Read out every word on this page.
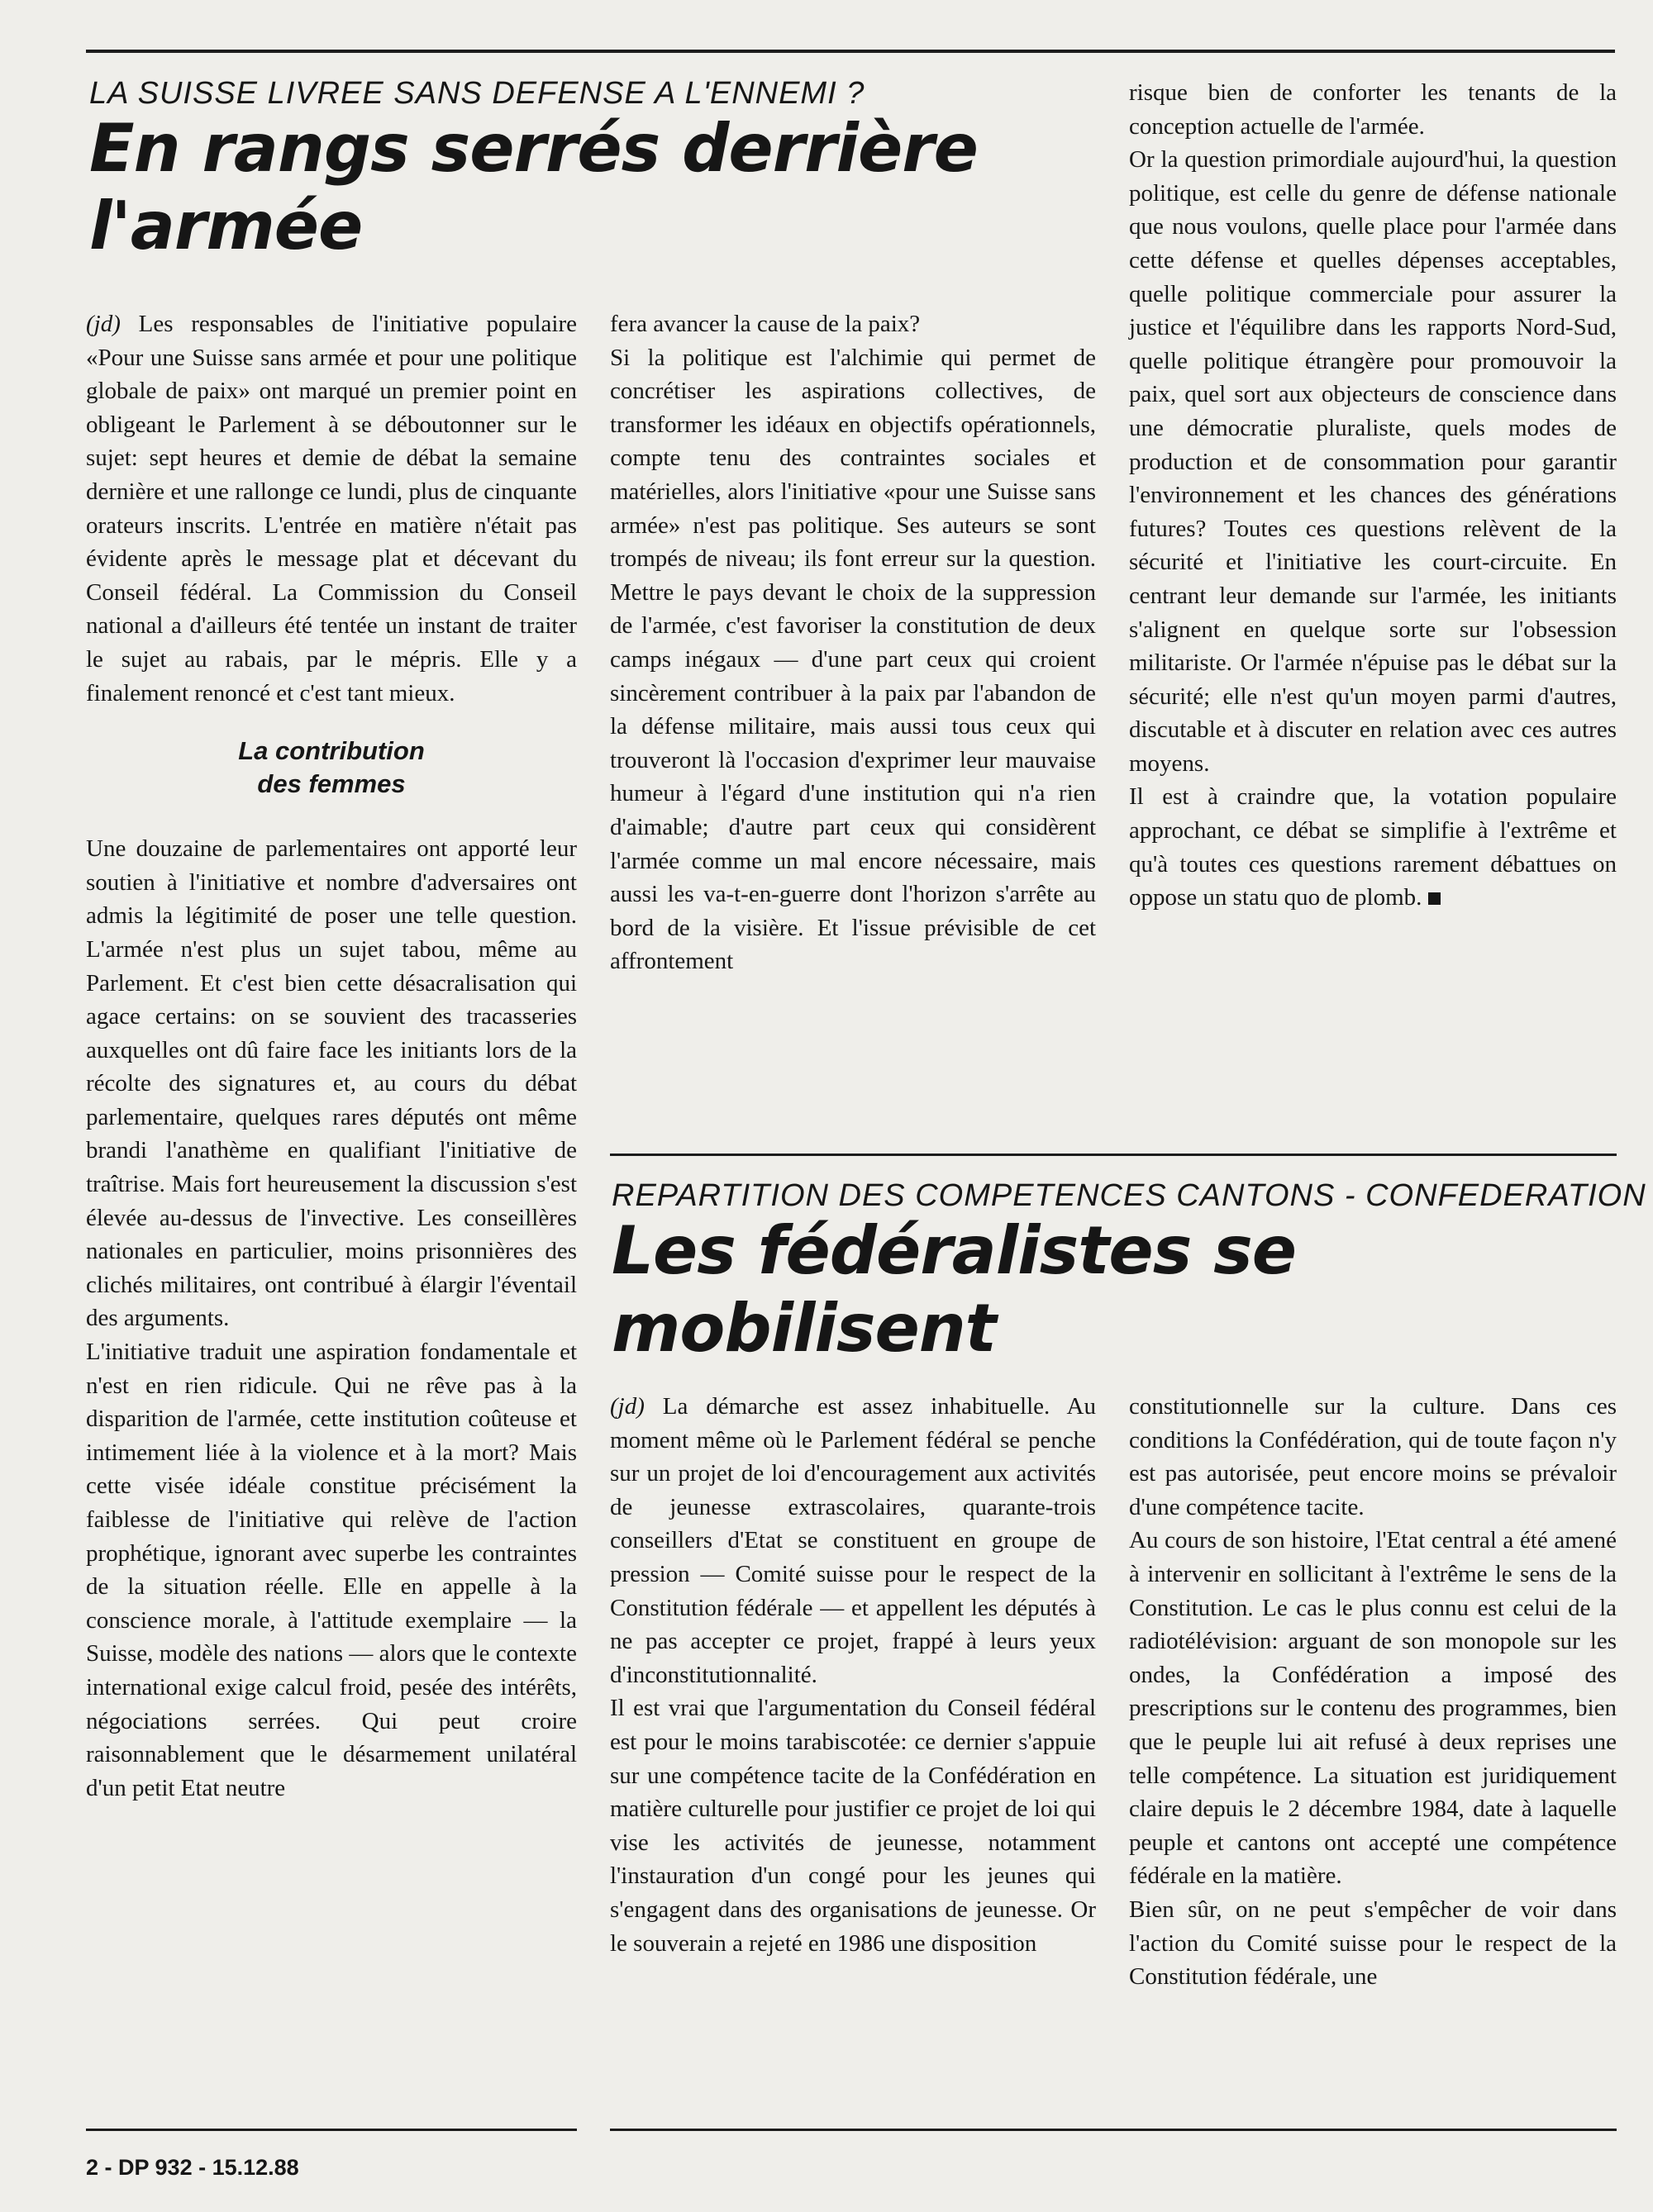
LA SUISSE LIVREE SANS DEFENSE A L'ENNEMI ?
En rangs serrés derrière l'armée

(jd) Les responsables de l'initiative populaire «Pour une Suisse sans armée et pour une politique globale de paix» ont marqué un premier point en obligeant le Parlement à se déboutonner sur le sujet: sept heures et demie de débat la semaine dernière et une rallonge ce lundi, plus de cinquante orateurs inscrits. L'entrée en matière n'était pas évidente après le message plat et décevant du Conseil fédéral. La Commission du Conseil national a d'ailleurs été tentée un instant de traiter le sujet au rabais, par le mépris. Elle y a finalement renoncé et c'est tant mieux.

La contribution
des femmes

Une douzaine de parlementaires ont apporté leur soutien à l'initiative et nombre d'adversaires ont admis la légitimité de poser une telle question. L'armée n'est plus un sujet tabou, même au Parlement. Et c'est bien cette désacralisation qui agace certains: on se souvient des tracasseries auxquelles ont dû faire face les initiants lors de la récolte des signatures et, au cours du débat parlementaire, quelques rares députés ont même brandi l'anathème en qualifiant l'initiative de traîtrise. Mais fort heureusement la discussion s'est élevée au-dessus de l'invective. Les conseillères nationales en particulier, moins prisonnières des clichés militaires, ont contribué à élargir l'éventail des arguments.

L'initiative traduit une aspiration fondamentale et n'est en rien ridicule. Qui ne rêve pas à la disparition de l'armée, cette institution coûteuse et intimement liée à la violence et à la mort? Mais cette visée idéale constitue précisément la faiblesse de l'initiative qui relève de l'action prophétique, ignorant avec superbe les contraintes de la situation réelle. Elle en appelle à la conscience morale, à l'attitude exemplaire — la Suisse, modèle des nations — alors que le contexte international exige calcul froid, pesée des intérêts, négociations serrées. Qui peut croire raisonnablement que le désarmement unilatéral d'un petit Etat neutre

fera avancer la cause de la paix?

Si la politique est l'alchimie qui permet de concrétiser les aspirations collectives, de transformer les idéaux en objectifs opérationnels, compte tenu des contraintes sociales et matérielles, alors l'initiative «pour une Suisse sans armée» n'est pas politique. Ses auteurs se sont trompés de niveau; ils font erreur sur la question. Mettre le pays devant le choix de la suppression de l'armée, c'est favoriser la constitution de deux camps inégaux — d'une part ceux qui croient sincèrement contribuer à la paix par l'abandon de la défense militaire, mais aussi tous ceux qui trouveront là l'occasion d'exprimer leur mauvaise humeur à l'égard d'une institution qui n'a rien d'aimable; d'autre part ceux qui considèrent l'armée comme un mal encore nécessaire, mais aussi les va-t-en-guerre dont l'horizon s'arrête au bord de la visière. Et l'issue prévisible de cet affrontement

risque bien de conforter les tenants de la conception actuelle de l'armée.

Or la question primordiale aujourd'hui, la question politique, est celle du genre de défense nationale que nous voulons, quelle place pour l'armée dans cette défense et quelles dépenses acceptables, quelle politique commerciale pour assurer la justice et l'équilibre dans les rapports Nord-Sud, quelle politique étrangère pour promouvoir la paix, quel sort aux objecteurs de conscience dans une démocratie pluraliste, quels modes de production et de consommation pour garantir l'environnement et les chances des générations futures? Toutes ces questions relèvent de la sécurité et l'initiative les court-circuite. En centrant leur demande sur l'armée, les initiants s'alignent en quelque sorte sur l'obsession militariste. Or l'armée n'épuise pas le débat sur la sécurité; elle n'est qu'un moyen parmi d'autres, discutable et à discuter en relation avec ces autres moyens.

Il est à craindre que, la votation populaire approchant, ce débat se simplifie à l'extrême et qu'à toutes ces questions rarement débattues on oppose un statu quo de plomb.

REPARTITION DES COMPETENCES CANTONS - CONFEDERATION
Les fédéralistes se mobilisent

(jd) La démarche est assez inhabituelle. Au moment même où le Parlement fédéral se penche sur un projet de loi d'encouragement aux activités de jeunesse extrascolaires, quarante-trois conseillers d'Etat se constituent en groupe de pression — Comité suisse pour le respect de la Constitution fédérale — et appellent les députés à ne pas accepter ce projet, frappé à leurs yeux d'inconstitutionnalité.

Il est vrai que l'argumentation du Conseil fédéral est pour le moins tarabiscotée: ce dernier s'appuie sur une compétence tacite de la Confédération en matière culturelle pour justifier ce projet de loi qui vise les activités de jeunesse, notamment l'instauration d'un congé pour les jeunes qui s'engagent dans des organisations de jeunesse. Or le souverain a rejeté en 1986 une disposition

constitutionnelle sur la culture. Dans ces conditions la Confédération, qui de toute façon n'y est pas autorisée, peut encore moins se prévaloir d'une compétence tacite.

Au cours de son histoire, l'Etat central a été amené à intervenir en sollicitant à l'extrême le sens de la Constitution. Le cas le plus connu est celui de la radiotélévision: arguant de son monopole sur les ondes, la Confédération a imposé des prescriptions sur le contenu des programmes, bien que le peuple lui ait refusé à deux reprises une telle compétence. La situation est juridiquement claire depuis le 2 décembre 1984, date à laquelle peuple et cantons ont accepté une compétence fédérale en la matière.

Bien sûr, on ne peut s'empêcher de voir dans l'action du Comité suisse pour le respect de la Constitution fédérale, une

2 - DP 932 - 15.12.88
